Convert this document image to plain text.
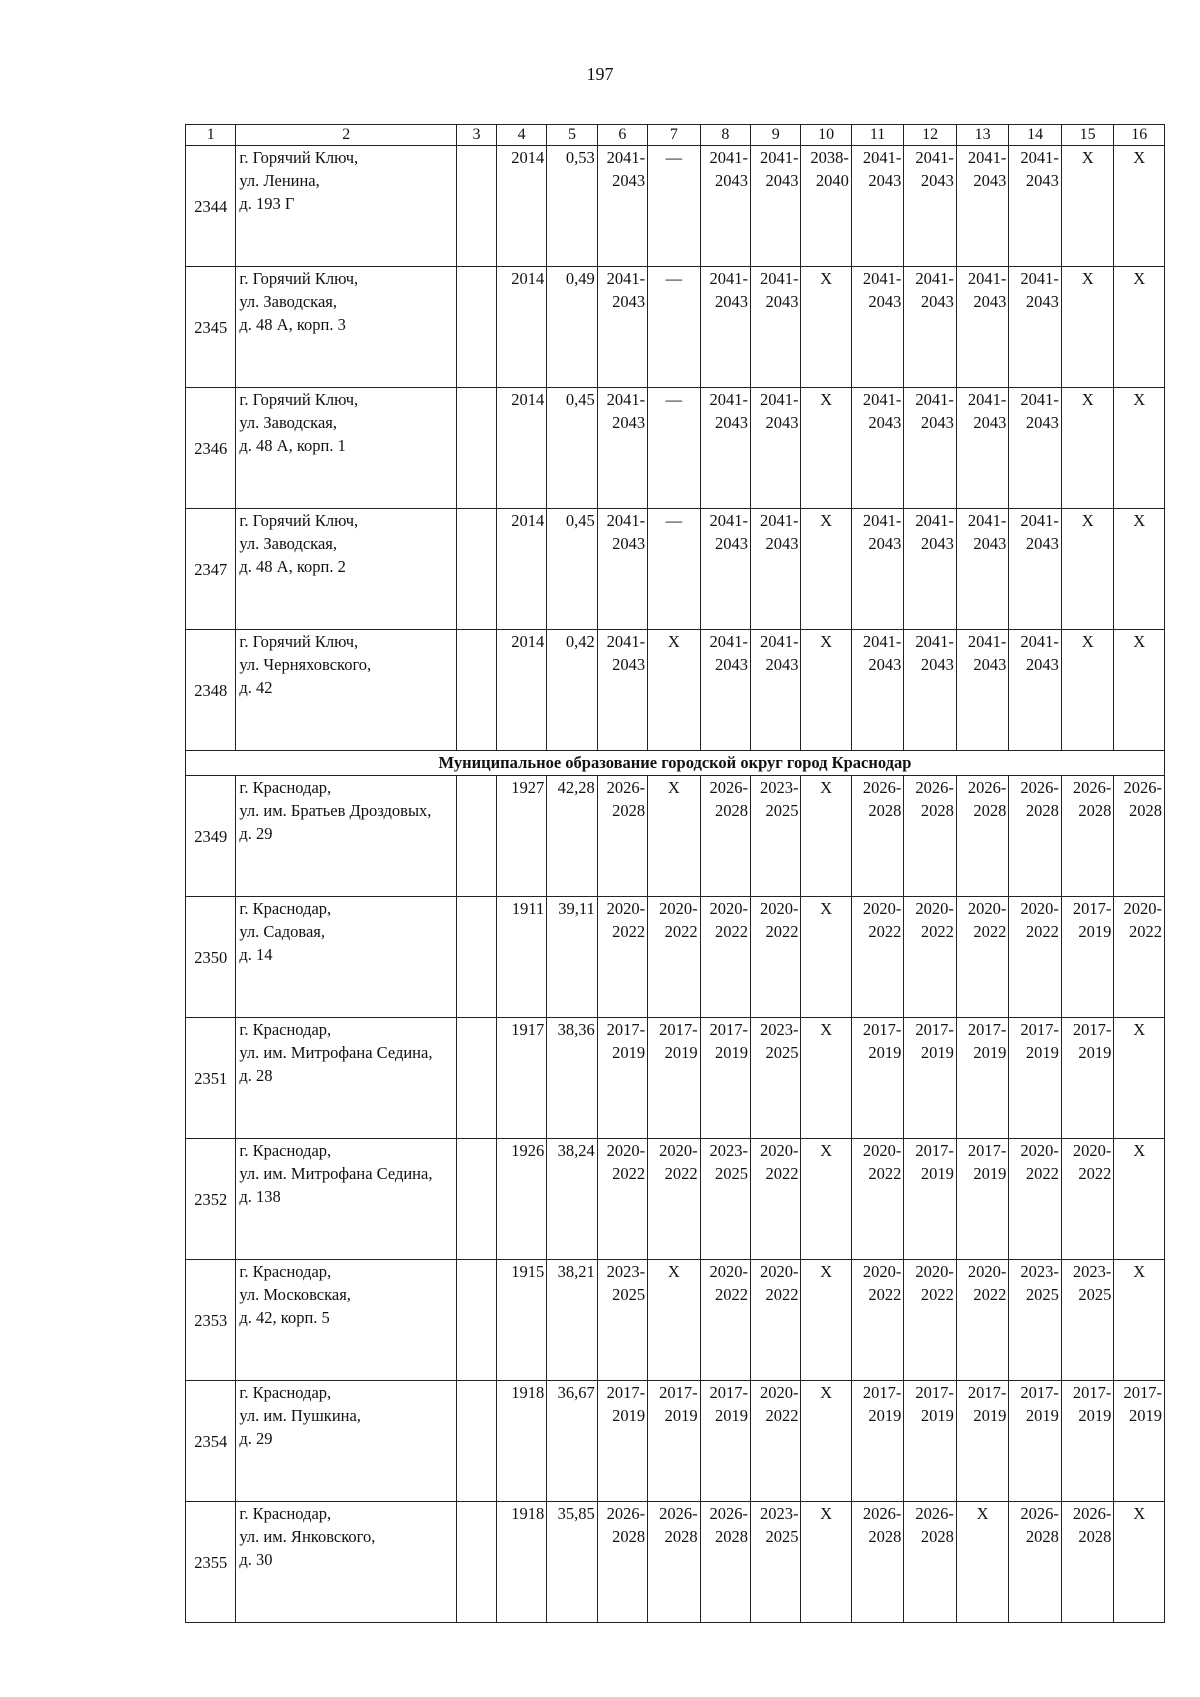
197
1	2	3	4	5	6	7	8	9	10	11	12	13	14	15	16
2344	г. Горячий Ключ,
ул. Ленина,
д. 193 Г		2014	0,53	2041-
2043	—	2041-
2043	2041-
2043	2038-
2040	2041-
2043	2041-
2043	2041-
2043	2041-
2043	X	X
2345	г. Горячий Ключ,
ул. Заводская,
д. 48 А, корп. 3		2014	0,49	2041-
2043	—	2041-
2043	2041-
2043	X	2041-
2043	2041-
2043	2041-
2043	2041-
2043	X	X
2346	г. Горячий Ключ,
ул. Заводская,
д. 48 А, корп. 1		2014	0,45	2041-
2043	—	2041-
2043	2041-
2043	X	2041-
2043	2041-
2043	2041-
2043	2041-
2043	X	X
2347	г. Горячий Ключ,
ул. Заводская,
д. 48 А, корп. 2		2014	0,45	2041-
2043	—	2041-
2043	2041-
2043	X	2041-
2043	2041-
2043	2041-
2043	2041-
2043	X	X
2348	г. Горячий Ключ,
ул. Черняховского,
д. 42		2014	0,42	2041-
2043	X	2041-
2043	2041-
2043	X	2041-
2043	2041-
2043	2041-
2043	2041-
2043	X	X
Муниципальное образование городской округ город Краснодар															
2349	г. Краснодар,
ул. им. Братьев Дроздовых,
д. 29		1927	42,28	2026-
2028	X	2026-
2028	2023-
2025	X	2026-
2028	2026-
2028	2026-
2028	2026-
2028	2026-
2028	2026-
2028

2350	г. Краснодар,
ул. Садовая,
д. 14		1911	39,11	2020-
2022	2020-
2022	2020-
2022	2020-
2022	X	2020-
2022	2020-
2022	2020-
2022	2020-
2022	2017-
2019	2020-
2022

2351	г. Краснодар,
ул. им. Митрофана Седина,
д. 28		1917	38,36	2017-
2019	2017-
2019	2017-
2019	2023-
2025	X	2017-
2019	2017-
2019	2017-
2019	2017-
2019	2017-
2019	X
2352	г. Краснодар,
ул. им. Митрофана Седина,
д. 138		1926	38,24	2020-
2022	2020-
2022	2023-
2025	2020-
2022	X	2020-
2022	2017-
2019	2017-
2019	2020-
2022	2020-
2022	X
2353	г. Краснодар,
ул. Московская,
д. 42, корп. 5		1915	38,21	2023-
2025	X	2020-
2022	2020-
2022	X	2020-
2022	2020-
2022	2020-
2022	2023-
2025	2023-
2025	X
2354	г. Краснодар,
ул. им. Пушкина,
д. 29		1918	36,67	2017-
2019	2017-
2019	2017-
2019	2020-
2022	X	2017-
2019	2017-
2019	2017-
2019	2017-
2019	2017-
2019	2017-
2019

2355	г. Краснодар,
ул. им. Янковского,
д. 30		1918	35,85	2026-
2028	2026-
2028	2026-
2028	2023-
2025	X	2026-
2028	2026-
2028	X	2026-
2028	2026-
2028	X
